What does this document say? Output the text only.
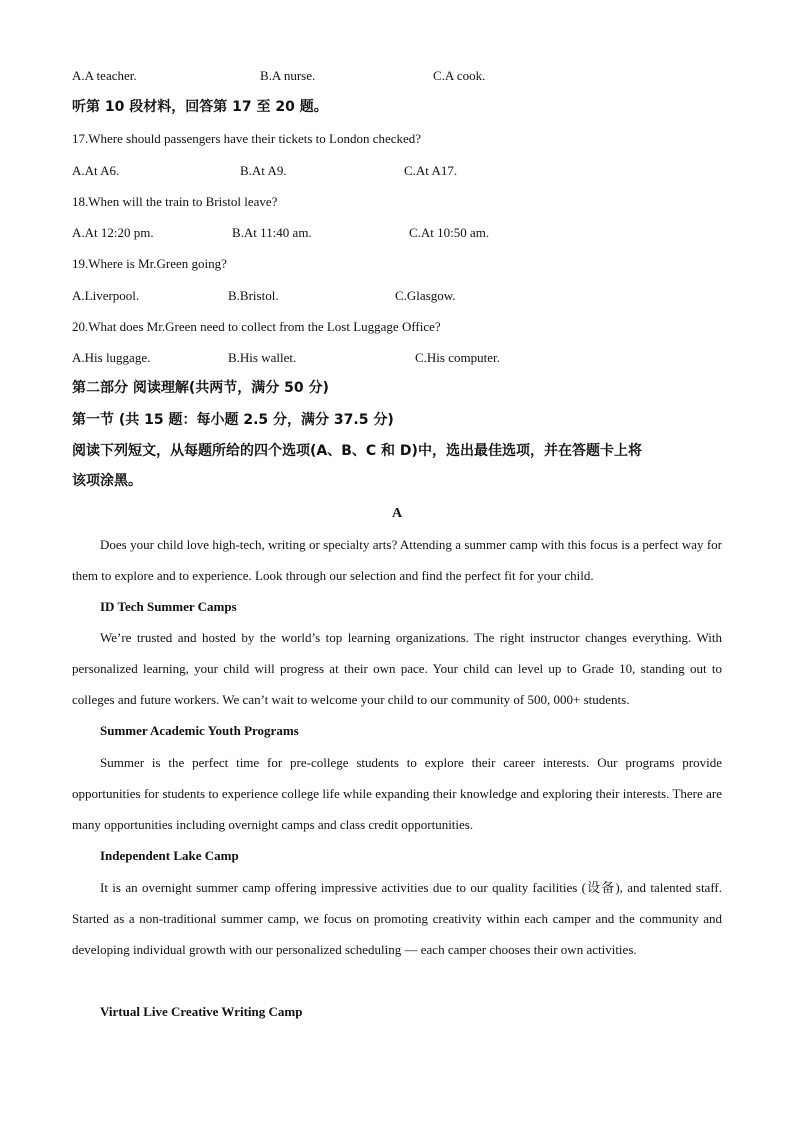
A.A teacher.	B.A nurse.	C.A cook.
听第 10 段材料，回答第 17 至 20 题。
17.Where should passengers have their tickets to London checked?
A.At A6.	B.At A9.	C.At A17.
18.When will the train to Bristol leave?
A.At 12:20 pm.	B.At 11:40 am.	C.At 10:50 am.
19.Where is Mr.Green going?
A.Liverpool.	B.Bristol.	C.Glasgow.
20.What does Mr.Green need to collect from the Lost Luggage Office?
A.His luggage.	B.His wallet.	C.His computer.
第二部分 阅读理解(共两节，满分 50 分)
第一节 (共 15 题：每小题 2.5 分，满分 37.5 分)
阅读下列短文，从每题所给的四个选项(A、B、C 和 D)中，选出最佳选项，并在答题卡上将
该项涂黑。
A

Does your child love high-tech, writing or specialty arts? Attending a summer camp with this focus is a perfect way for them to explore and to experience. Look through our selection and find the perfect fit for your child.

ID Tech Summer Camps

We’re trusted and hosted by the world’s top learning organizations. The right instructor changes everything. With personalized learning, your child will progress at their own pace. Your child can level up to Grade 10, standing out to colleges and future workers. We can’t wait to welcome your child to our community of 500, 000+ students.

Summer Academic Youth Programs

Summer is the perfect time for pre-college students to explore their career interests. Our programs provide opportunities for students to experience college life while expanding their knowledge and exploring their interests. There are many opportunities including overnight camps and class credit opportunities.

Independent Lake Camp

It is an overnight summer camp offering impressive activities due to our quality facilities (设备), and talented staff. Started as a non-traditional summer camp, we focus on promoting creativity within each camper and the community and developing individual growth with our personalized scheduling — each camper chooses their own activities.

Virtual Live Creative Writing Camp
